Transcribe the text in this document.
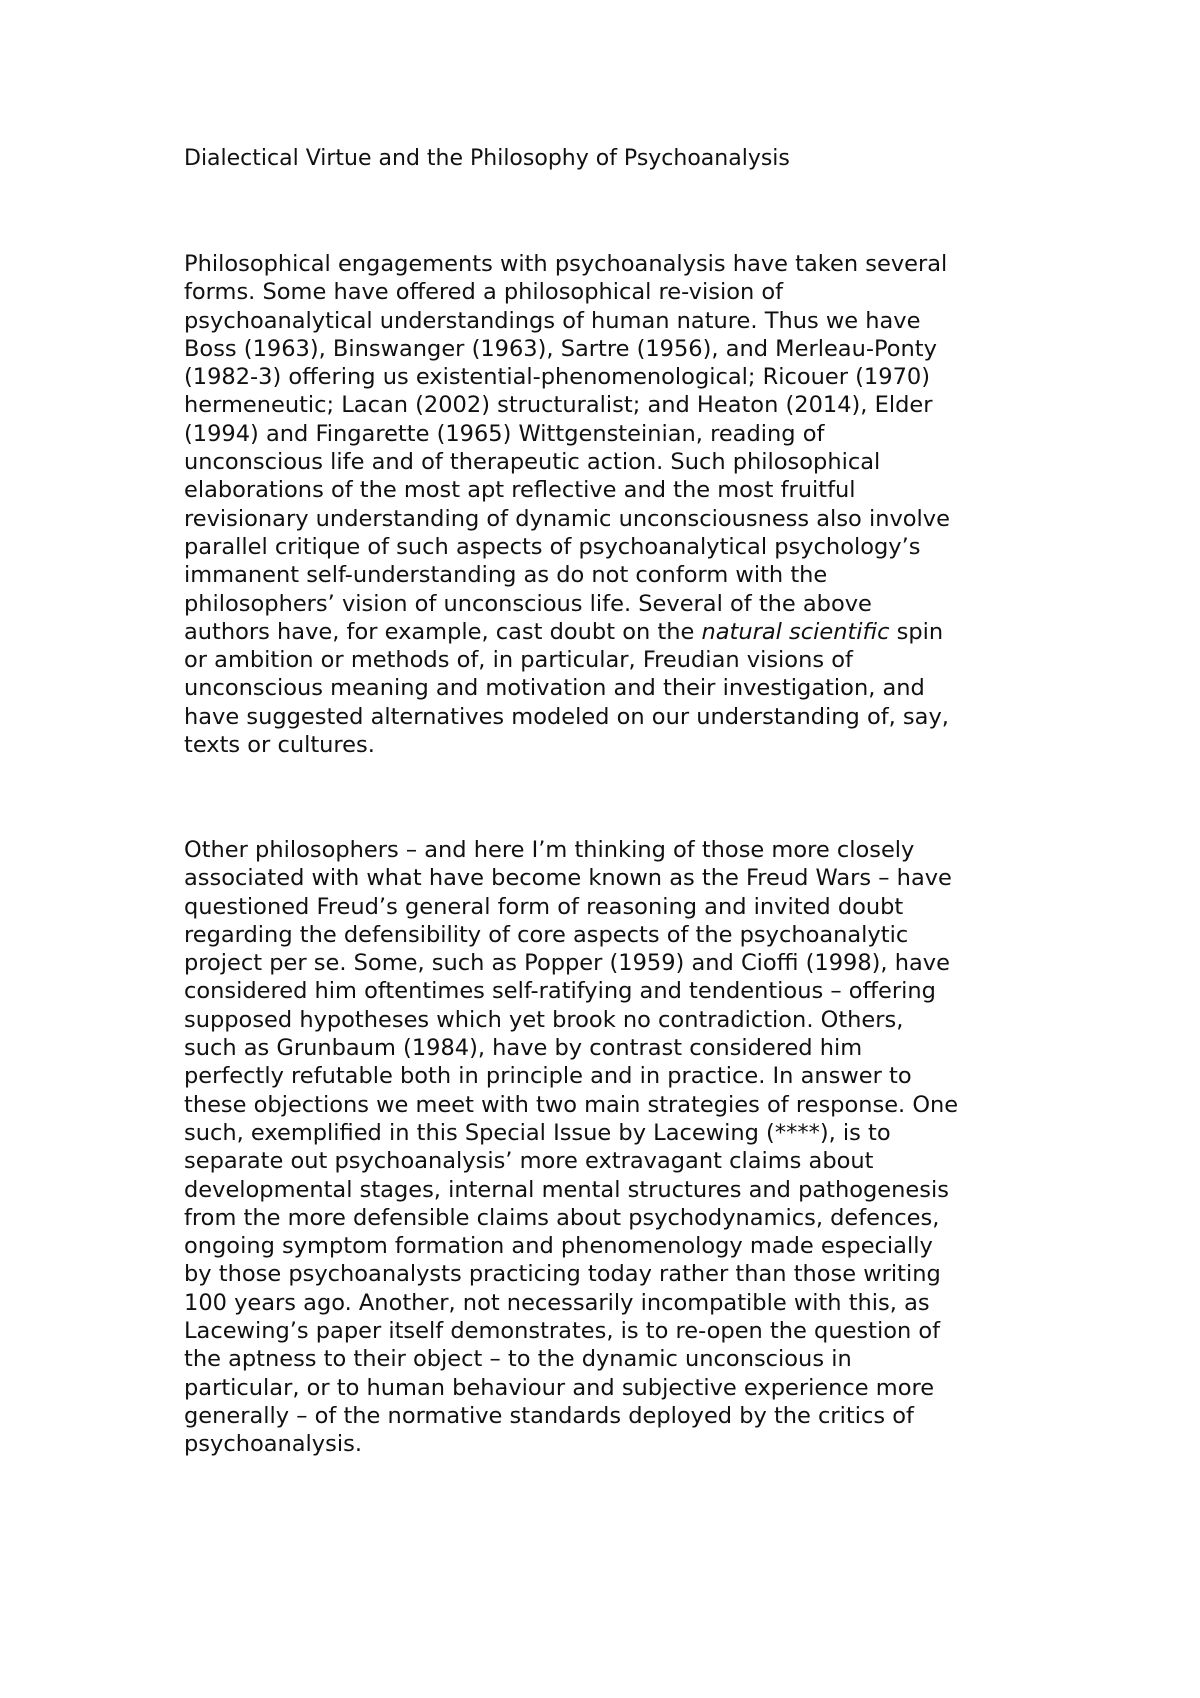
Dialectical Virtue and the Philosophy of Psychoanalysis

Philosophical engagements with psychoanalysis have taken several
forms. Some have offered a philosophical re-vision of
psychoanalytical understandings of human nature. Thus we have
Boss (1963), Binswanger (1963), Sartre (1956), and Merleau-Ponty
(1982-3) offering us existential-phenomenological; Ricouer (1970)
hermeneutic; Lacan (2002) structuralist; and Heaton (2014), Elder
(1994) and Fingarette (1965) Wittgensteinian, reading of
unconscious life and of therapeutic action. Such philosophical
elaborations of the most apt reflective and the most fruitful
revisionary understanding of dynamic unconsciousness also involve
parallel critique of such aspects of psychoanalytical psychology’s
immanent self-understanding as do not conform with the
philosophers’ vision of unconscious life. Several of the above
authors have, for example, cast doubt on the natural scientific spin
or ambition or methods of, in particular, Freudian visions of
unconscious meaning and motivation and their investigation, and
have suggested alternatives modeled on our understanding of, say,
texts or cultures.

Other philosophers – and here I’m thinking of those more closely
associated with what have become known as the Freud Wars – have
questioned Freud’s general form of reasoning and invited doubt
regarding the defensibility of core aspects of the psychoanalytic
project per se. Some, such as Popper (1959) and Cioffi (1998), have
considered him oftentimes self-ratifying and tendentious – offering
supposed hypotheses which yet brook no contradiction. Others,
such as Grunbaum (1984), have by contrast considered him
perfectly refutable both in principle and in practice. In answer to
these objections we meet with two main strategies of response. One
such, exemplified in this Special Issue by Lacewing (****), is to
separate out psychoanalysis’ more extravagant claims about
developmental stages, internal mental structures and pathogenesis
from the more defensible claims about psychodynamics, defences,
ongoing symptom formation and phenomenology made especially
by those psychoanalysts practicing today rather than those writing
100 years ago. Another, not necessarily incompatible with this, as
Lacewing’s paper itself demonstrates, is to re-open the question of
the aptness to their object – to the dynamic unconscious in
particular, or to human behaviour and subjective experience more
generally – of the normative standards deployed by the critics of
psychoanalysis.
